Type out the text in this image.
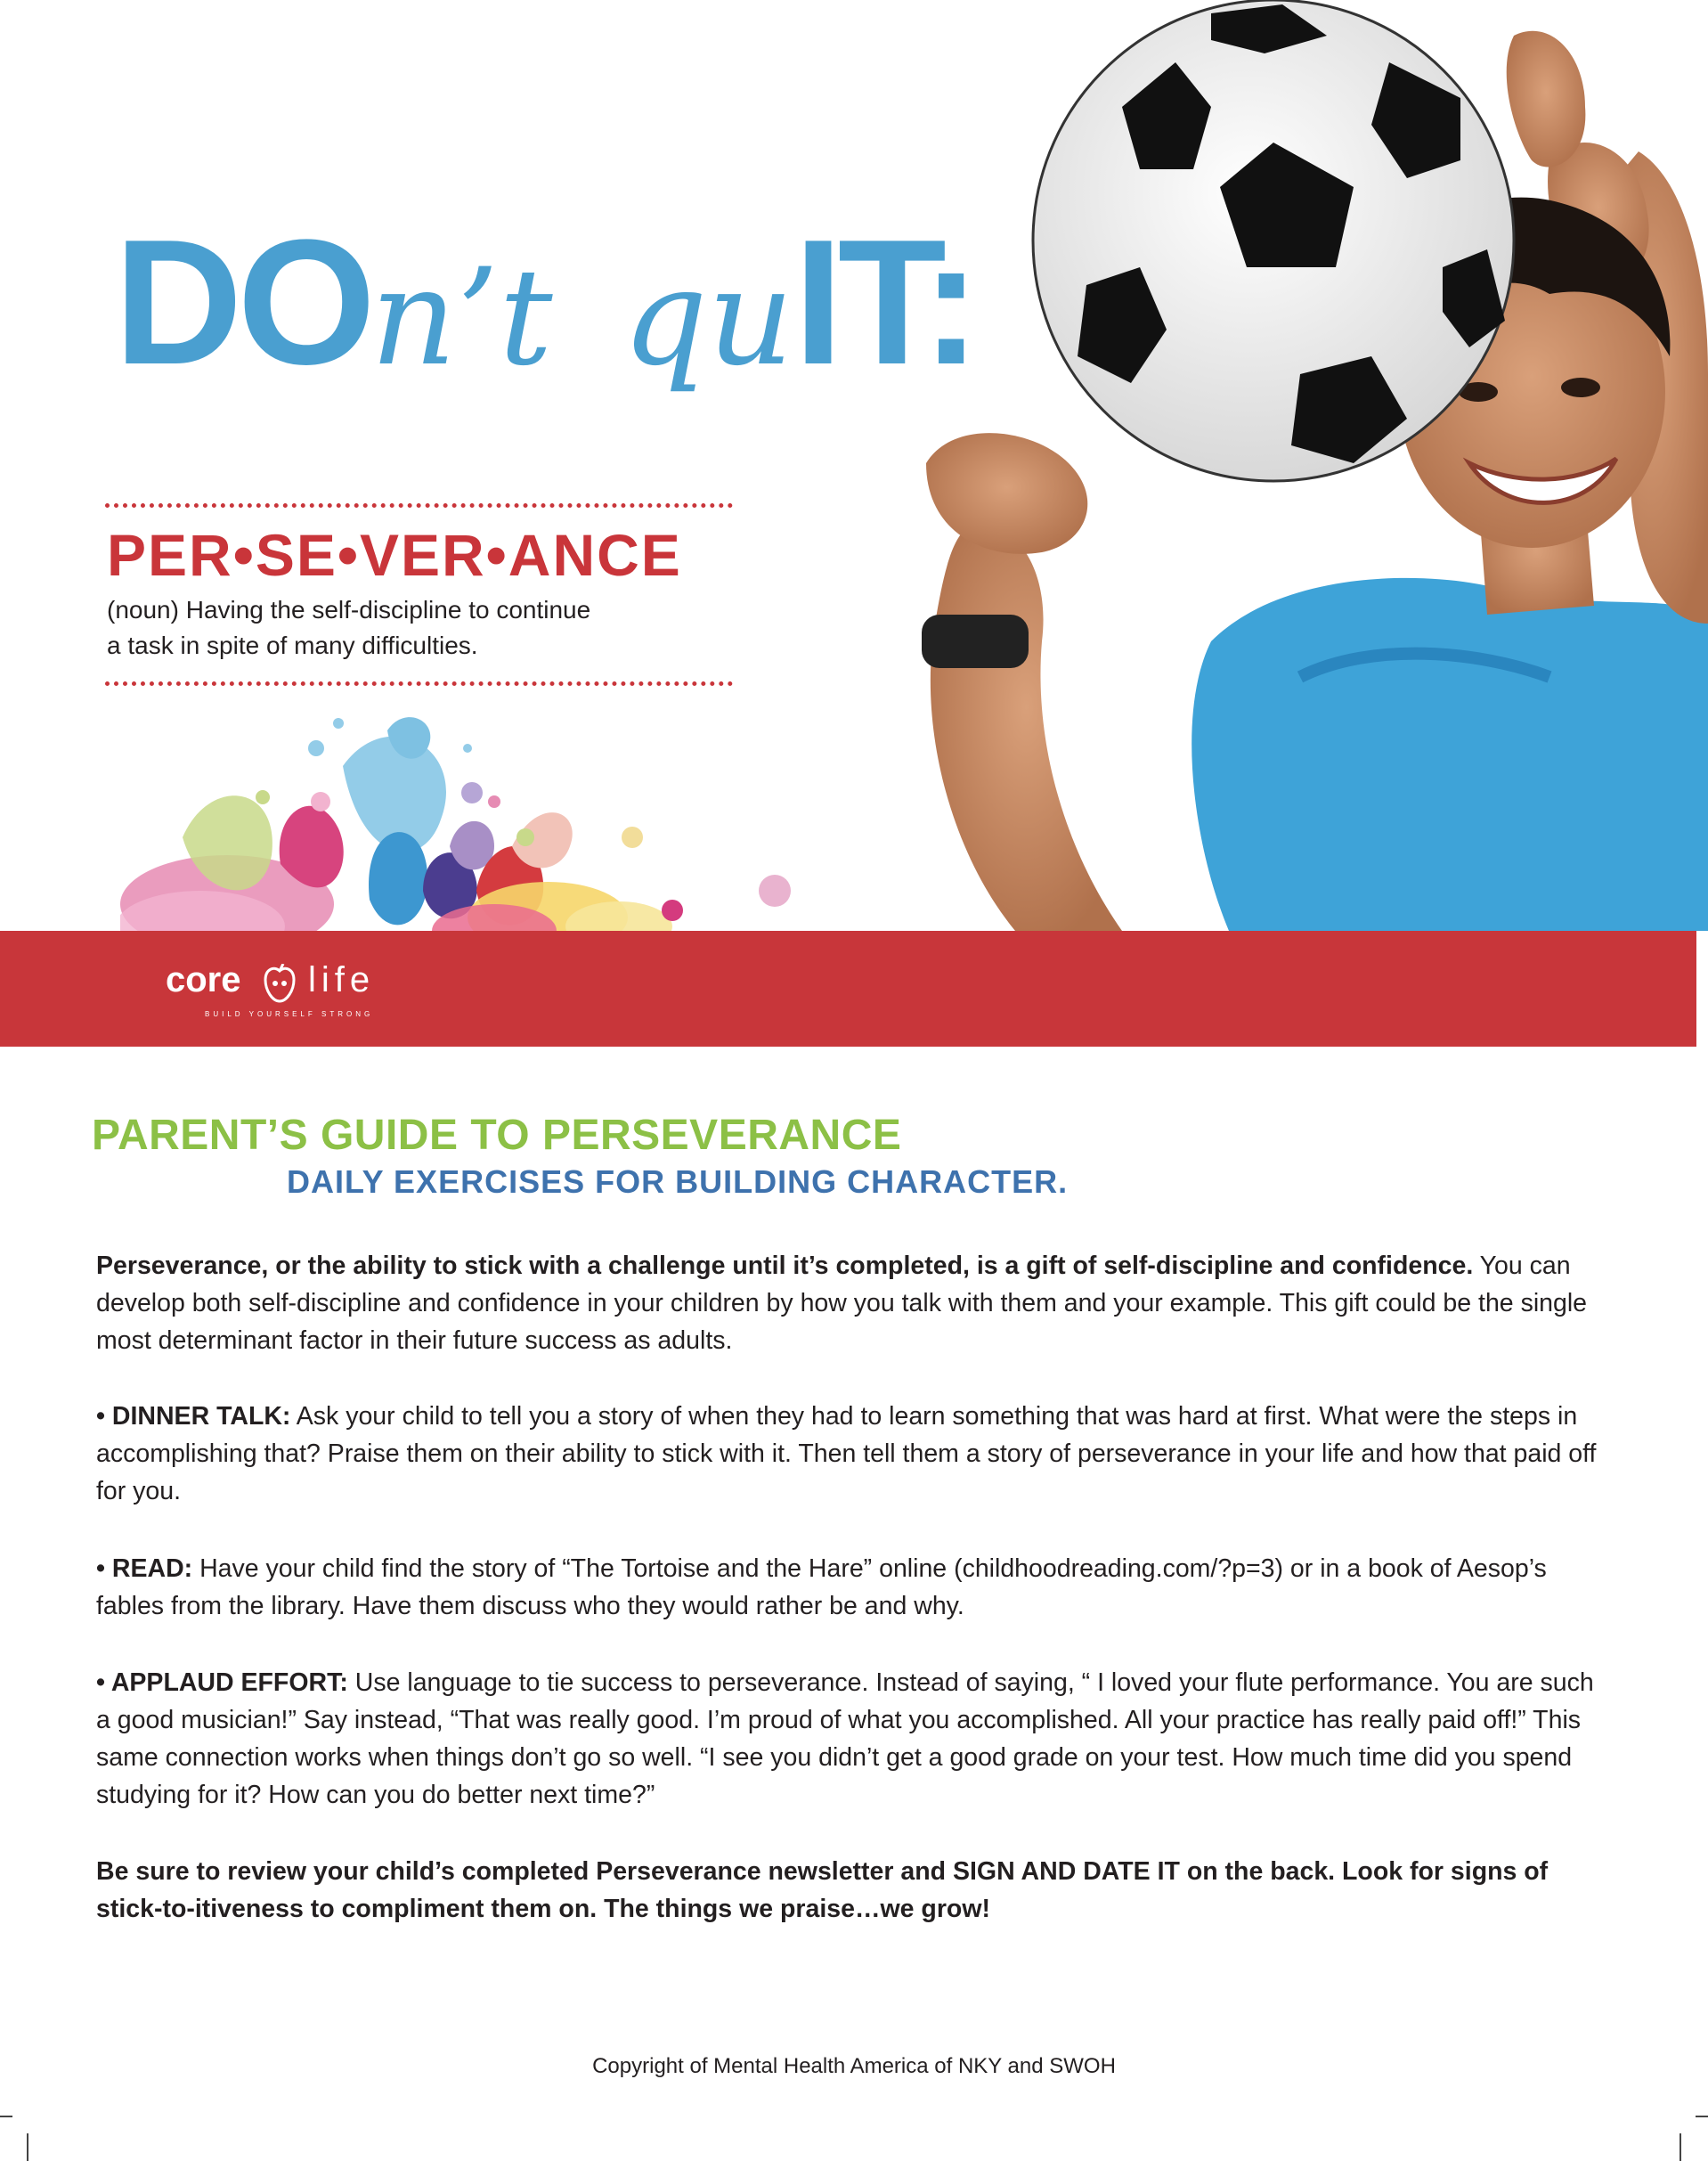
DOn’t quIT:
PER•SE•VER•ANCE
(noun) Having the self-discipline to continue
a task in spite of many difficulties.
core life
BUILD YOURSELF STRONG
PARENT’S GUIDE TO PERSEVERANCE
DAILY EXERCISES FOR BUILDING CHARACTER.
Perseverance, or the ability to stick with a challenge until it’s completed, is a gift of self-discipline and confidence. You can develop both self-discipline and confidence in your children by how you talk with them and your example. This gift could be the single most determinant factor in their future success as adults.
• DINNER TALK: Ask your child to tell you a story of when they had to learn something that was hard at first. What were the steps in accomplishing that? Praise them on their ability to stick with it. Then tell them a story of perseverance in your life and how that paid off for you.
• READ: Have your child find the story of “The Tortoise and the Hare” online (childhoodreading.com/?p=3) or in a book of Aesop’s fables from the library. Have them discuss who they would rather be and why.
• APPLAUD EFFORT: Use language to tie success to perseverance. Instead of saying, “ I loved your flute performance. You are such a good musician!” Say instead, “That was really good. I’m proud of what you accomplished. All your practice has really paid off!” This same connection works when things don’t go so well. “I see you didn’t get a good grade on your test. How much time did you spend studying for it? How can you do better next time?”
Be sure to review your child’s completed Perseverance newsletter and SIGN AND DATE IT on the back. Look for signs of stick-to-itiveness to compliment them on. The things we praise…we grow!
Copyright of Mental Health America of NKY and SWOH
